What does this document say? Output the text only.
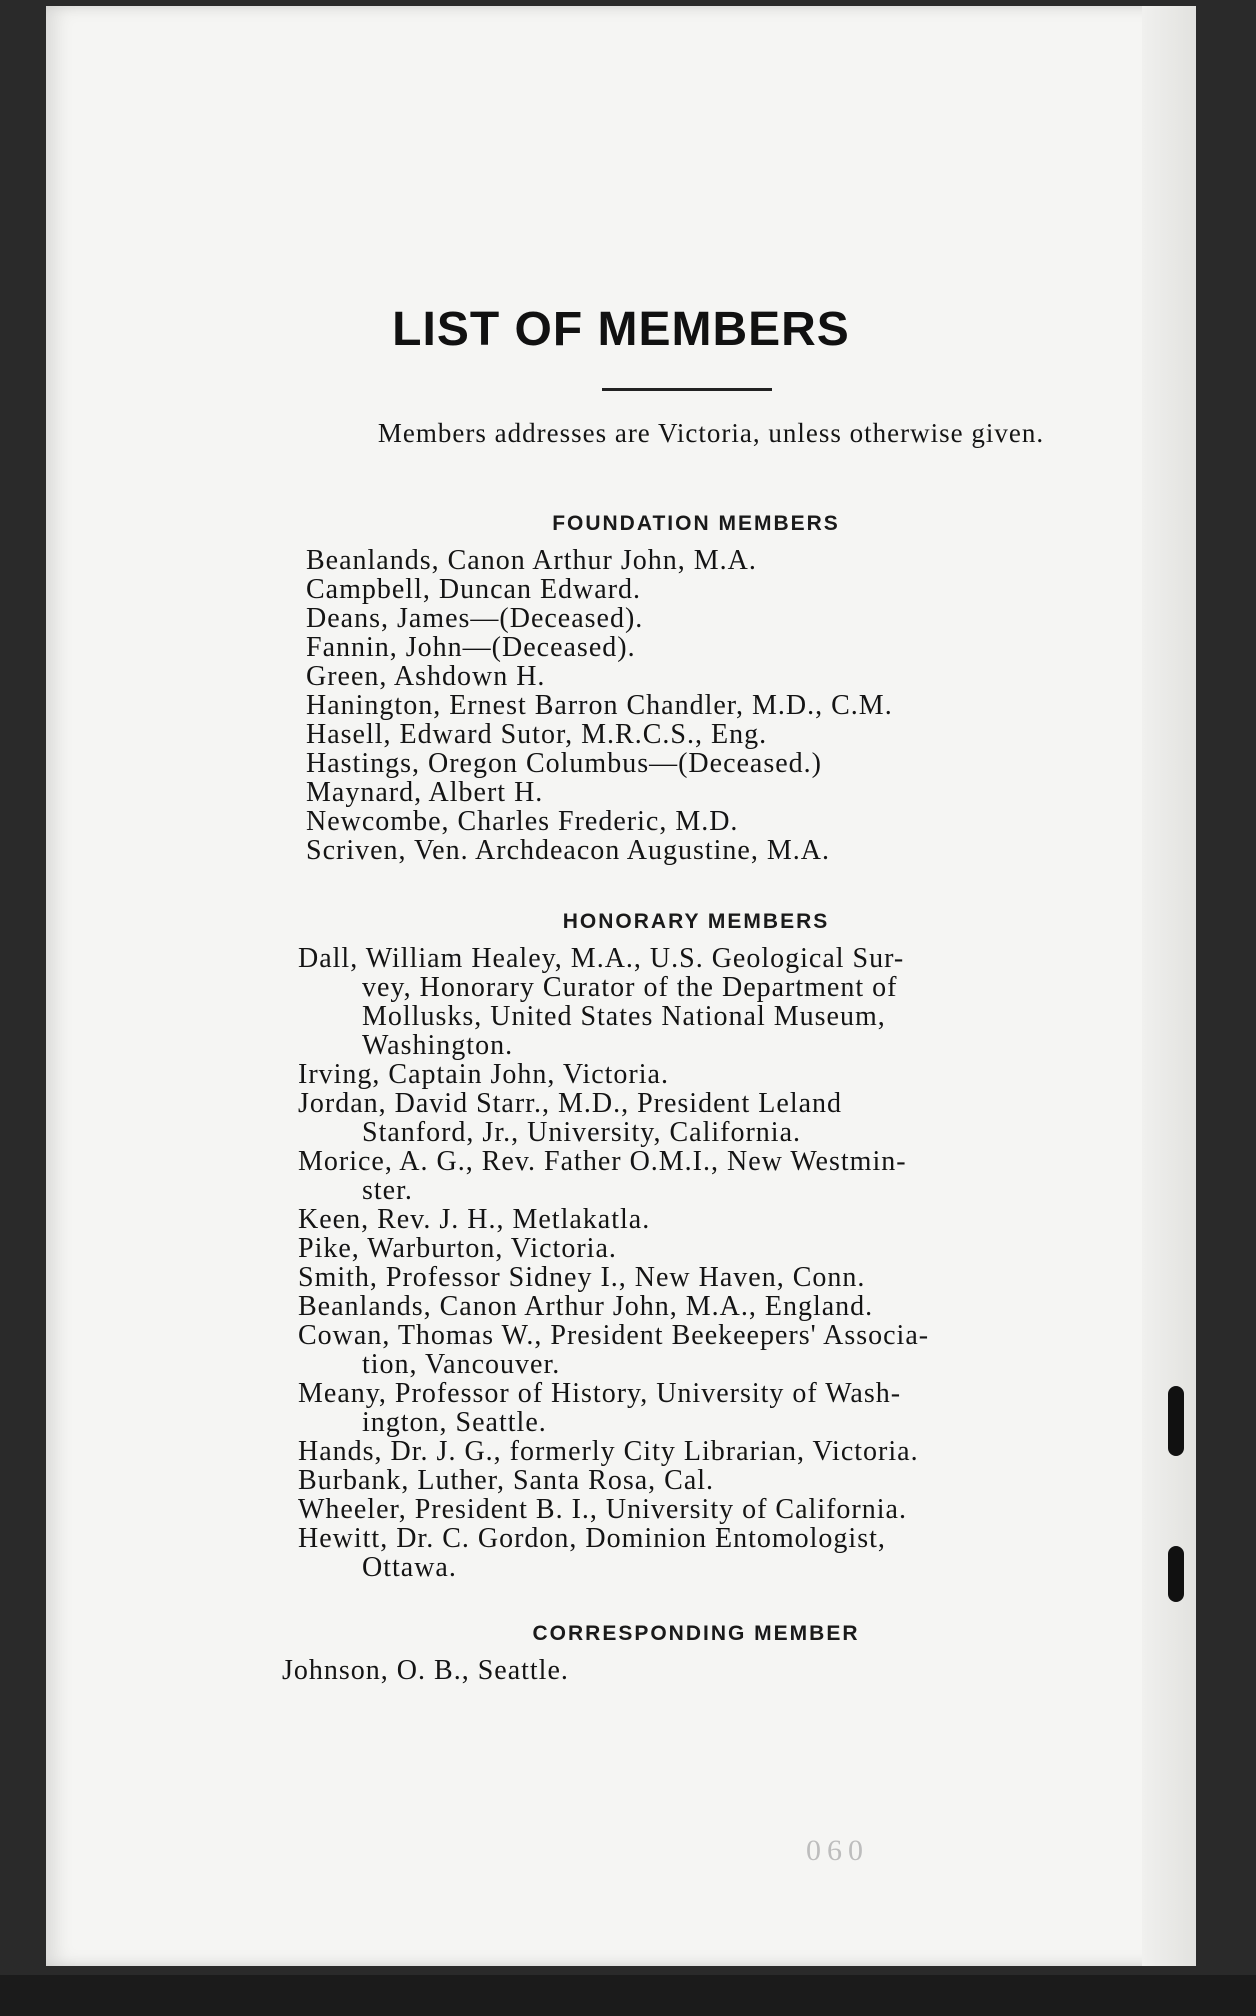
LIST OF MEMBERS
Members addresses are Victoria, unless otherwise given.
FOUNDATION MEMBERS
Beanlands, Canon Arthur John, M.A.
Campbell, Duncan Edward.
Deans, James—(Deceased).
Fannin, John—(Deceased).
Green, Ashdown H.
Hanington, Ernest Barron Chandler, M.D., C.M.
Hasell, Edward Sutor, M.R.C.S., Eng.
Hastings, Oregon Columbus—(Deceased.)
Maynard, Albert H.
Newcombe, Charles Frederic, M.D.
Scriven, Ven. Archdeacon Augustine, M.A.
HONORARY MEMBERS
Dall, William Healey, M.A., U.S. Geological Sur-
vey, Honorary Curator of the Department of
Mollusks, United States National Museum,
Washington.
Irving, Captain John, Victoria.
Jordan, David Starr., M.D., President Leland
Stanford, Jr., University, California.
Morice, A. G., Rev. Father O.M.I., New Westmin-
ster.
Keen, Rev. J. H., Metlakatla.
Pike, Warburton, Victoria.
Smith, Professor Sidney I., New Haven, Conn.
Beanlands, Canon Arthur John, M.A., England.
Cowan, Thomas W., President Beekeepers' Associa-
tion, Vancouver.
Meany, Professor of History, University of Wash-
ington, Seattle.
Hands, Dr. J. G., formerly City Librarian, Victoria.
Burbank, Luther, Santa Rosa, Cal.
Wheeler, President B. I., University of California.
Hewitt, Dr. C. Gordon, Dominion Entomologist,
Ottawa.
CORRESPONDING MEMBER
Johnson, O. B., Seattle.
060
